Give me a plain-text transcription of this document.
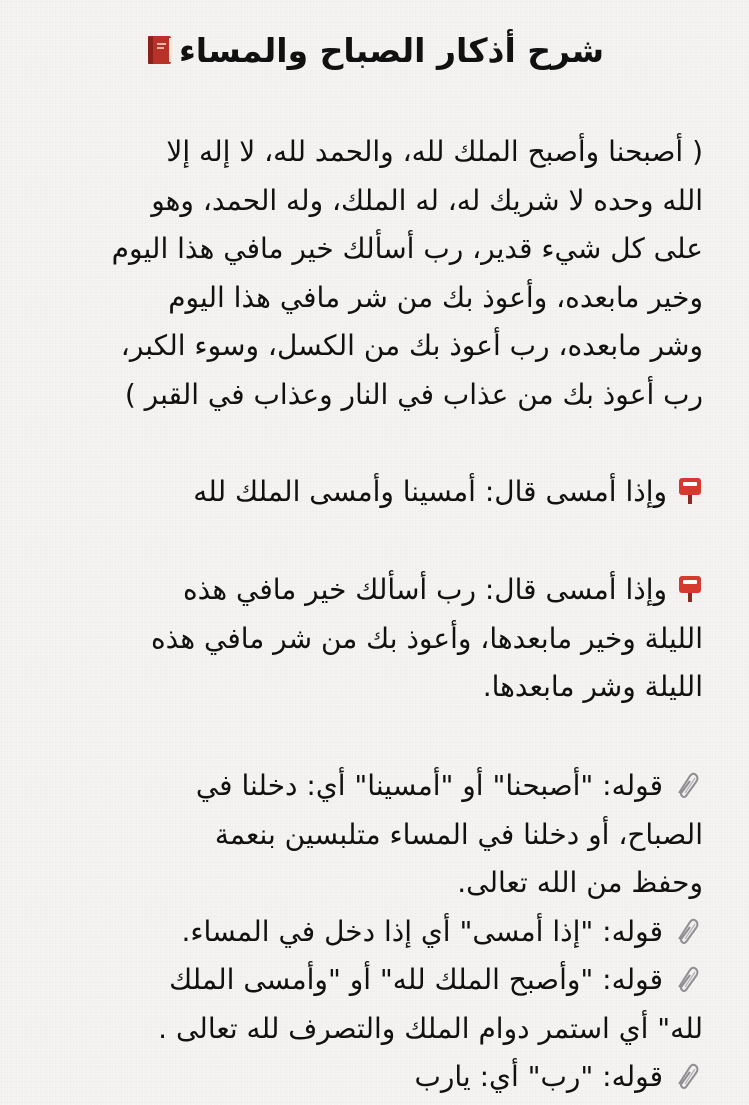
شرح أذكار الصباح والمساء
( أصبحنا وأصبح الملك لله، والحمد لله، لا إله إلا
الله وحده لا شريك له، له الملك، وله الحمد، وهو
على كل شيء قدير، رب أسألك خير مافي هذا اليوم
وخير مابعده، وأعوذ بك من شر مافي هذا اليوم
وشر مابعده، رب أعوذ بك من الكسل، وسوء الكبر،
رب أعوذ بك من عذاب في النار وعذاب في القبر )
وإذا أمسى قال: أمسينا وأمسى الملك لله
وإذا أمسى قال: رب أسألك خير مافي هذه
الليلة وخير مابعدها، وأعوذ بك من شر مافي هذه
الليلة وشر مابعدها.
قوله: "أصبحنا" أو "أمسينا" أي: دخلنا في
الصباح، أو دخلنا في المساء متلبسين بنعمة
وحفظ من الله تعالى.
قوله: "إذا أمسى" أي إذا دخل في المساء.
قوله: "وأصبح الملك لله" أو "وأمسى الملك
لله" أي استمر دوام الملك والتصرف لله تعالى .
قوله: "رب" أي: يارب
